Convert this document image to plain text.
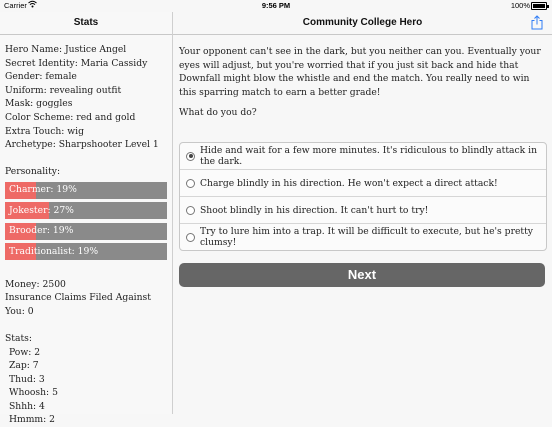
Carrier	9:56 PM	100%
Stats
Hero Name: Justice Angel
Secret Identity: Maria Cassidy
Gender: female
Uniform: revealing outfit
Mask: goggles
Color Scheme: red and gold
Extra Touch: wig
Archetype: Sharpshooter Level 1
Personality:
Charmer: 19%
Jokester: 27%
Brooder: 19%
Traditionalist: 19%
Money: 2500
Insurance Claims Filed Against You: 0
Stats:
Pow: 2
Zap: 7
Thud: 3
Whoosh: 5
Shhh: 4
Hmmm: 2
Community College Hero
Your opponent can't see in the dark, but you neither can you. Eventually your eyes will adjust, but you're worried that if you just sit back and hide that Downfall might blow the whistle and end the match. You really need to win this sparring match to earn a better grade!
What do you do?
Hide and wait for a few more minutes. It's ridiculous to blindly attack in the dark.
Charge blindly in his direction. He won't expect a direct attack!
Shoot blindly in his direction. It can't hurt to try!
Try to lure him into a trap. It will be difficult to execute, but he's pretty clumsy!
Next
